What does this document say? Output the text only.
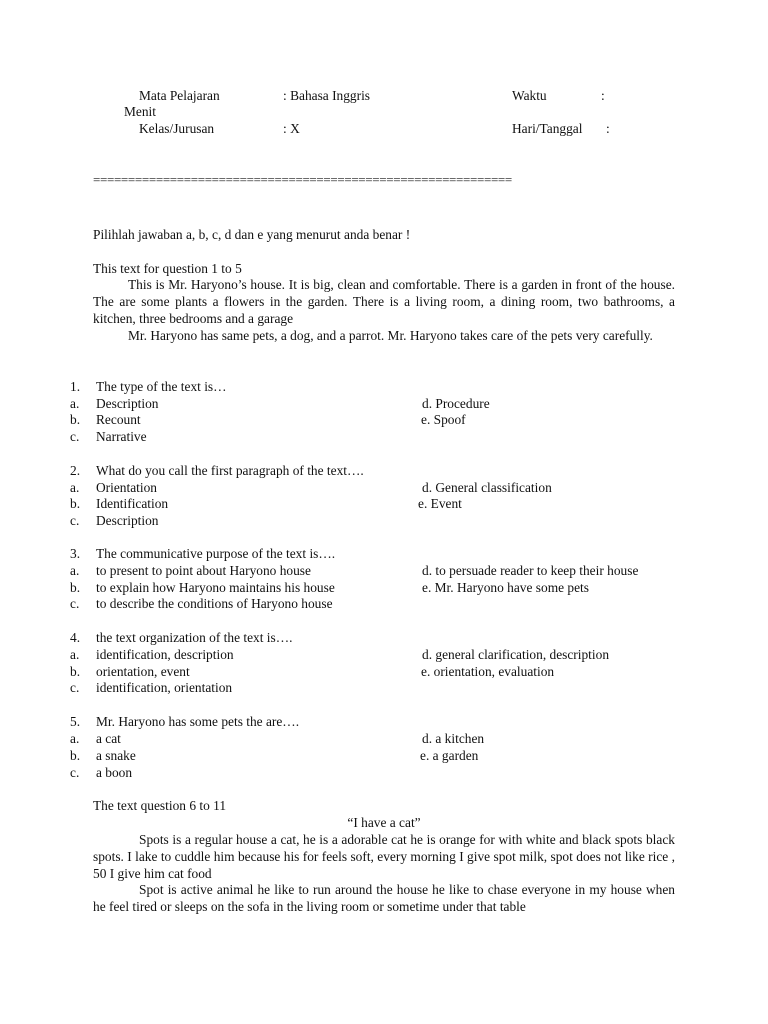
Mata Pelajaran	: Bahasa Inggris	Waktu	:
Menit
Kelas/Jurusan	: X	Hari/Tanggal :
============================================================
Pilihlah jawaban a, b, c, d dan e yang menurut anda benar !
This text for question 1 to 5
This is Mr. Haryono’s house. It is big, clean and comfortable. There is a garden in front of the house. The are some plants a flowers in the garden. There is a living room, a dining room, two bathrooms, a kitchen, three bedrooms and a garage
Mr. Haryono has same pets, a dog, and a parrot. Mr. Haryono takes care of the pets very carefully.
1. The type of the text is…
a. Description	d. Procedure
b. Recount	e. Spoof
c. Narrative
2. What do you call the first paragraph of the text….
a. Orientation	d. General classification
b. Identification	e. Event
c. Description
3. The communicative purpose of the text is….
a. to present to point about Haryono house	d. to persuade reader to keep their house
b. to explain how Haryono maintains his house	e. Mr. Haryono have some pets
c. to describe the conditions of Haryono house
4. the text organization of the text is….
a. identification, description	d. general clarification, description
b. orientation, event	e. orientation, evaluation
c. identification, orientation
5. Mr. Haryono has some pets the are….
a. a cat	d. a kitchen
b. a snake	e. a garden
c. a boon
The text question 6 to 11
“I have a cat”
Spots is a regular house a cat, he is a adorable cat he is orange for with white and black spots black spots. I lake to cuddle him because his for feels soft, every morning I give spot milk, spot does not like rice , 50 I give him cat food
Spot is active animal he like to run around the house he like to chase everyone in my house when he feel tired or sleeps on the sofa in the living room or sometime under that table
